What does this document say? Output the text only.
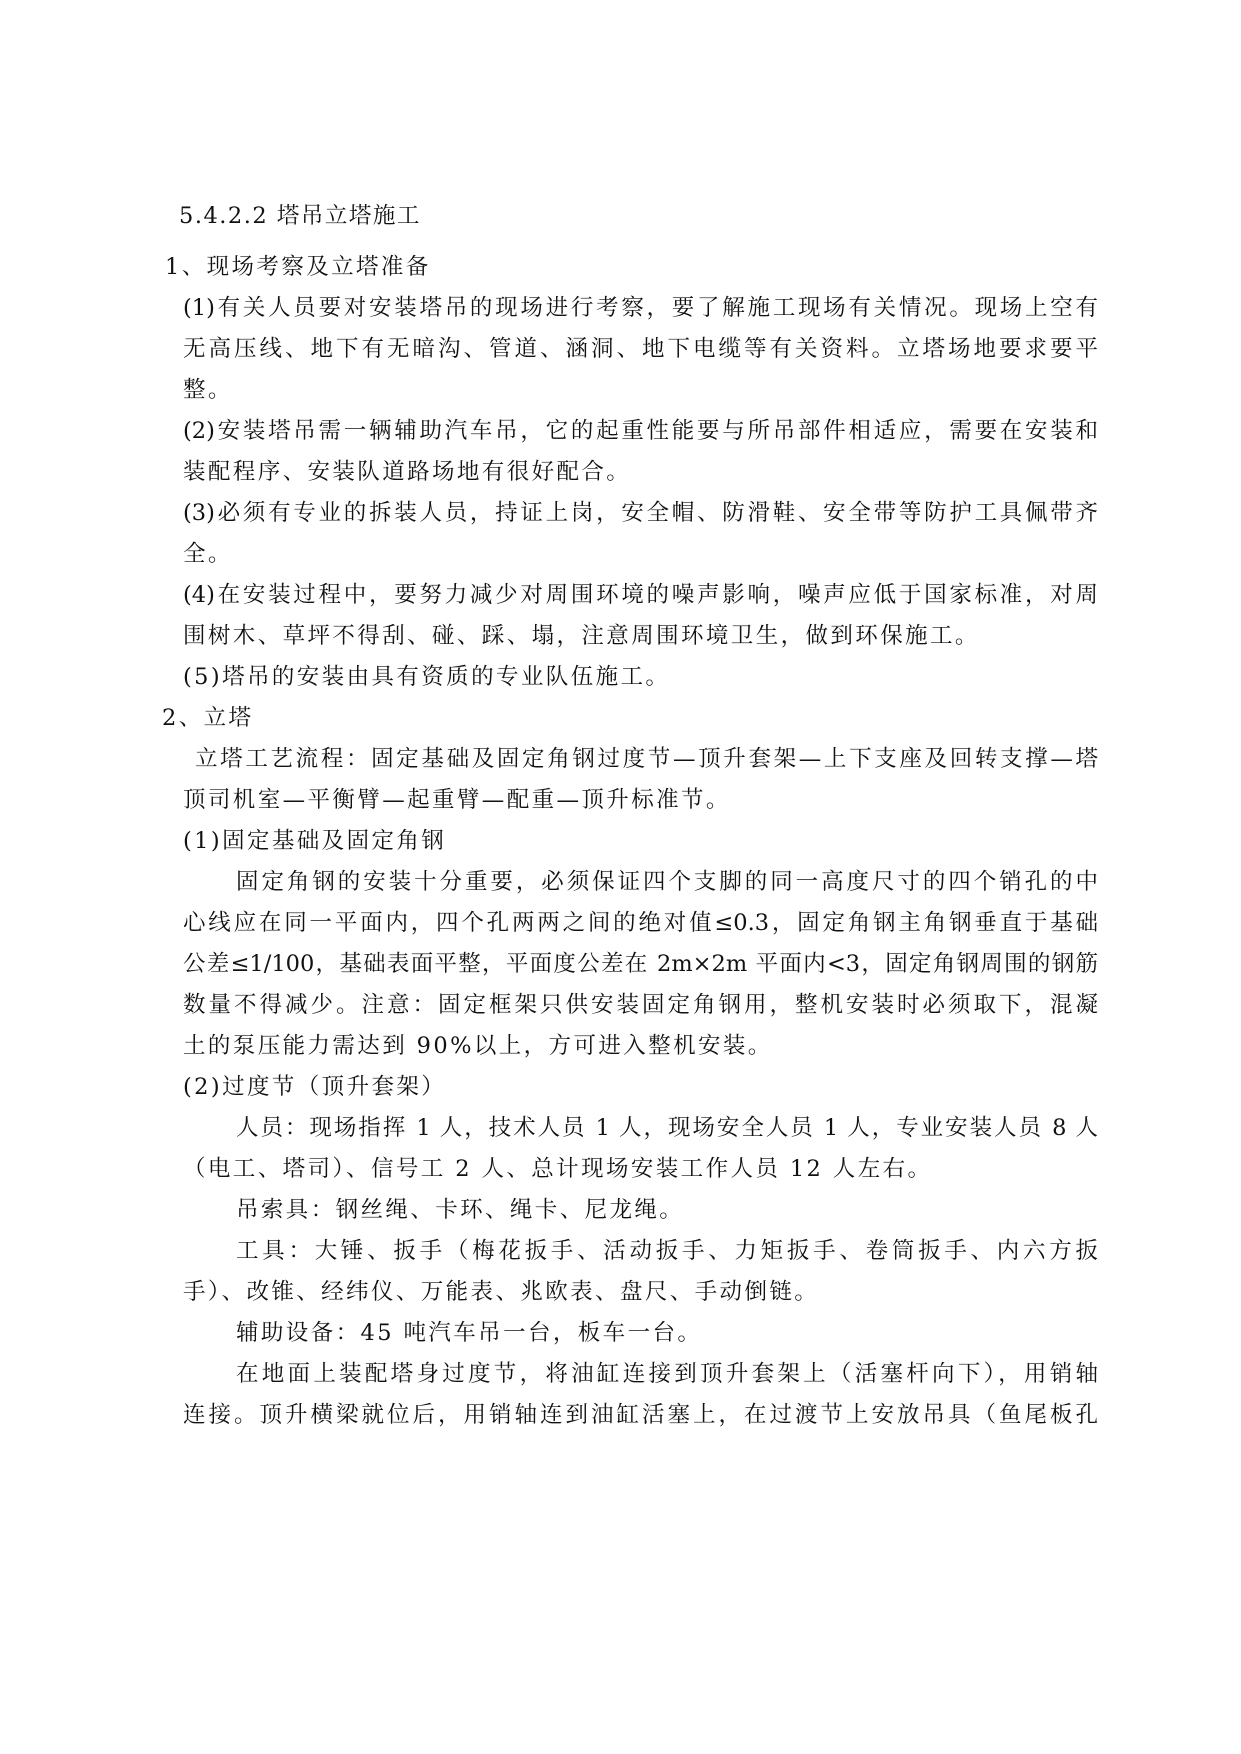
5.4.2.2 塔吊立塔施工
1、现场考察及立塔准备
(1)有关人员要对安装塔吊的现场进行考察，要了解施工现场有关情况。现场上空有
无高压线、地下有无暗沟、管道、涵洞、地下电缆等有关资料。立塔场地要求要平
整。
(2)安装塔吊需一辆辅助汽车吊，它的起重性能要与所吊部件相适应，需要在安装和
装配程序、安装队道路场地有很好配合。
(3)必须有专业的拆装人员，持证上岗，安全帽、防滑鞋、安全带等防护工具佩带齐
全。
(4)在安装过程中，要努力减少对周围环境的噪声影响，噪声应低于国家标准，对周
围树木、草坪不得刮、碰、踩、塌，注意周围环境卫生，做到环保施工。
(5)塔吊的安装由具有资质的专业队伍施工。
2、立塔
立塔工艺流程：固定基础及固定角钢过度节—顶升套架—上下支座及回转支撑—塔
顶司机室—平衡臂—起重臂—配重—顶升标准节。
(1)固定基础及固定角钢
固定角钢的安装十分重要，必须保证四个支脚的同一高度尺寸的四个销孔的中
心线应在同一平面内，四个孔两两之间的绝对值≤0.3，固定角钢主角钢垂直于基础
公差≤1/100，基础表面平整，平面度公差在 2m×2m 平面内<3，固定角钢周围的钢筋
数量不得减少。注意：固定框架只供安装固定角钢用，整机安装时必须取下，混凝
土的泵压能力需达到 90%以上，方可进入整机安装。
(2)过度节（顶升套架）
人员：现场指挥 1 人，技术人员 1 人，现场安全人员 1 人，专业安装人员 8 人
（电工、塔司）、信号工 2 人、总计现场安装工作人员 12 人左右。
吊索具：钢丝绳、卡环、绳卡、尼龙绳。
工具：大锤、扳手（梅花扳手、活动扳手、力矩扳手、卷筒扳手、内六方扳
手）、改锥、经纬仪、万能表、兆欧表、盘尺、手动倒链。
辅助设备：45 吨汽车吊一台，板车一台。
在地面上装配塔身过度节，将油缸连接到顶升套架上（活塞杆向下），用销轴
连接。顶升横梁就位后，用销轴连到油缸活塞上，在过渡节上安放吊具（鱼尾板孔
